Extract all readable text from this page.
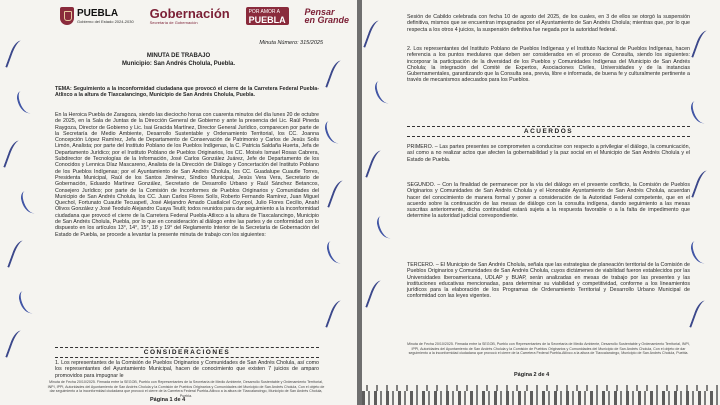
PUEBLA
Gobierno del Estado 2024-2030
Gobernación
Secretaría de Gobernación
POR AMOR A
PUEBLA
Pensar
en Grande
Minuta Número: 315/2025
MINUTA DE TRABAJO
Municipio: San Andrés Cholula, Puebla.
TEMA: Seguimiento a la inconformidad ciudadana que provocó el cierre de la Carretera Federal Puebla-Atlixco a la altura de Tlaxcalancingo, Municipio de San Andrés Cholula, Puebla.
En la Heroica Puebla de Zaragoza, siendo las dieciocho horas con cuarenta minutos del día lunes 20 de octubre de 2025, en la Sala de Juntas de la Dirección General de Gobierno y ante la presencia del Lic. Raúl Pineda Raygoza, Director de Gobierno y Lic. Isai Gracida Martínez, Director General Jurídico, comparecen por parte de la Secretaría de Medio Ambiente, Desarrollo Sustentable y Ordenamiento Territorial, los CC. Joanna Concepción López Ramírez, Jefa de Departamento de Conservación de Patrimonio y Carlos de Jesús Solís Limón, Analista; por parte del Instituto Poblano de los Pueblos Indígenas, la C. Patricia Saldaña Huerta, Jefa de Departamento Jurídico; por el Instituto Poblano de Pueblos Originarios, los CC. Moisés Ismael Rosas Cabrera, Subdirector de Tecnologías de la Información, José Carlos González Juárez, Jefe de Departamento de los Conocidos y Lennica Díaz Mascareno, Analista de la Dirección de Diálogo y Concertación del Instituto Poblano de los Pueblos Indígenas; por el Ayuntamiento de San Andrés Cholula, los CC. Guadalupe Cuautle Torres, Presidenta Municipal, Raúl de los Santos Jiménez, Síndico Municipal, Jesús Vera Vera, Secretario de Gobernación, Eduardo Martínez González, Secretario de Desarrollo Urbano y Raúl Sánchez Betancos, Consejero Jurídico; por parte de la Comisión de Inconformes de Pueblos Originarios y Comunidades del Municipio de San Andrés Cholula, los CC. Juan Carlos Flores Solís, Roberto Fernando Ramírez, Juan Miguel Quechol, Fortunato Cuautle Tecuapetl, José Alejandro Amado Cuatlalcel Coyopol, Julio Flores Cecilio, Anahí Olivos González y José Teodulo Alejandro Cuaya Teutli; todos reunidos para dar seguimiento a la inconformidad ciudadana que provocó el cierre de la Carretera Federal Puebla-Atlixco a la altura de Tlaxcalancingo, Municipio de San Andrés Cholula, Puebla, por lo que en consideración al diálogo entre las partes y de conformidad con lo dispuesto en los artículos 13°, 14°, 15°, 18 y 19° del Reglamento Interior de la Secretaría de Gobernación del Estado de Puebla, se procede a levantar la presente minuta de trabajo con los siguientes:
CONSIDERACIONES
1. Los representantes de la Comisión de Pueblos Originarios y Comunidades de San Andrés Cholula, así como los representantes del Ayuntamiento Municipal, hacen de conocimiento que existen 7 juicios de amparo promovidos para impugnar le
Minuta de Fecha 20/10/2025. Firmada entre la SEGOB, Pueblo con Representantes de la Secretaría de Medio Ambiente, Desarrollo Sustentable y Ordenamiento Territorial, INPI, IPPI, Autoridades del Ayuntamiento de San Andrés Cholula y la Comisión de Pueblos Originarios y Comunidades del Municipio de San Andrés Cholula, Con el objeto de dar seguimiento a la inconformidad ciudadana que provocó el cierre de la Carretera Federal Puebla-Atlixco a la altura de Tlaxcalancingo, Municipio de San Andrés Cholula, Puebla.
Página 1 de 4
Sesión de Cabildo celebrada con fecha 10 de agosto del 2025, de los cuales, en 3 de ellos se otorgó la suspensión definitiva, mismos que se encuentran impugnados por el Ayuntamiento de San Andrés Cholula; mientras que, por lo que respecta a los otros 4 juicios, la suspensión definitiva fue negada por la autoridad federal.
2. Los representantes del Instituto Poblano de Pueblos Indígenas y el Instituto Nacional de Pueblos Indígenas, hacen referencia a los puntos medulares que deben ser considerados en el proceso de Consulta, siendo los siguientes: incorporar la participación de la diversidad de los Pueblos y Comunidades Indígenas del Municipio de San Andrés Cholula; la integración del Comité de Expertos, Asociaciones Civiles, Universidades y de la instancias Gubernamentales, garantizando que la Consulta sea, previa, libre e informada, de buena fe y culturalmente pertinente a través de mecanismos adecuados para los Pueblos.
ACUERDOS
PRIMERO. – Las partes presentes se comprometen a conducirse con respecto a privilegiar el diálogo, la comunicación, así como a no realizar actos que afecten la gobernabilidad y la paz social en el Municipio de San Andrés Cholula y el Estado de Puebla.
SEGUNDO. – Con la finalidad de permanecer por la vía del diálogo en el presente conflicto, la Comisión de Pueblos Originarios y Comunidades de San Andrés Cholula y el Honorable Ayuntamiento de San Andrés Cholula, acuerdan hacer del conocimiento de manera formal y poner a consideración de la Autoridad Federal competente, que en el acuerdo sobre la continuación de las mesas de diálogo con la consulta indígena, dando seguimiento a las mesas suscritas anteriormente, dicha continuidad estará sujeta a la respuesta favorable o a la falta de impedimento que determine la autoridad judicial correspondiente.
TERCERO. – El Municipio de San Andrés Cholula, señala que las estrategias de planeación territorial de la Comisión de Pueblos Originarios y Comunidades de San Andrés Cholula, cuyos dictámenes de viabilidad fueron establecidos por las Universidades Iberoamericana, UDLAP y BUAP, serán analizadas en mesas de trabajo por las presentes y las instituciones educativas mencionadas, para determinar su viabilidad y competitividad, conforme a los lineamientos jurídicos para la elaboración de los Programas de Ordenamiento Territorial y Desarrollo Urbano Municipal de conformidad con las leyes vigentes.
Minuta de Fecha 20/10/2025. Firmada entre la SEGOB, Pueblo con Representantes de la Secretaría de Medio Ambiente, Desarrollo Sustentable y Ordenamiento Territorial, INPI, IPPI, Autoridades del Ayuntamiento de San Andrés Cholula y la Comisión de Pueblos Originarios y Comunidades del Municipio de San Andrés Cholula, Con el objeto de dar seguimiento a la inconformidad ciudadana que provocó el cierre de la Carretera Federal Puebla-Atlixco a la altura de Tlaxcalancingo, Municipio de San Andrés Cholula, Puebla.
Página 2 de 4
